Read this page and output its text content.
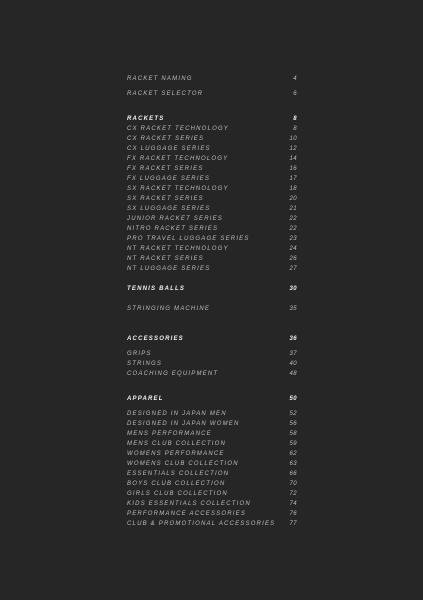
RACKET NAMING	4
RACKET SELECTOR	6
RACKETS	8
CX RACKET TECHNOLOGY	8
CX RACKET SERIES	10
CX LUGGAGE SERIES	12
FX RACKET TECHNOLOGY	14
FX RACKET SERIES	16
FX LUGGAGE SERIES	17
SX RACKET TECHNOLOGY	18
SX RACKET SERIES	20
SX LUGGAGE SERIES	21
JUNIOR RACKET SERIES	22
NITRO RACKET SERIES	22
PRO TRAVEL LUGGAGE SERIES	23
NT RACKET TECHNOLOGY	24
NT RACKET SERIES	26
NT LUGGAGE SERIES	27
TENNIS BALLS	30
STRINGING MACHINE	35
ACCESSORIES	36
GRIPS	37
STRINGS	40
COACHING EQUIPMENT	48
APPAREL	50
DESIGNED IN JAPAN MEN	52
DESIGNED IN JAPAN WOMEN	56
MENS PERFORMANCE	58
MENS CLUB COLLECTION	59
WOMENS PERFORMANCE	62
WOMENS CLUB COLLECTION	63
ESSENTIALS COLLECTION	66
BOYS CLUB COLLECTION	70
GIRLS CLUB COLLECTION	72
KIDS ESSENTIALS COLLECTION	74
PERFORMANCE ACCESSORIES	76
CLUB & PROMOTIONAL ACCESSORIES 77
